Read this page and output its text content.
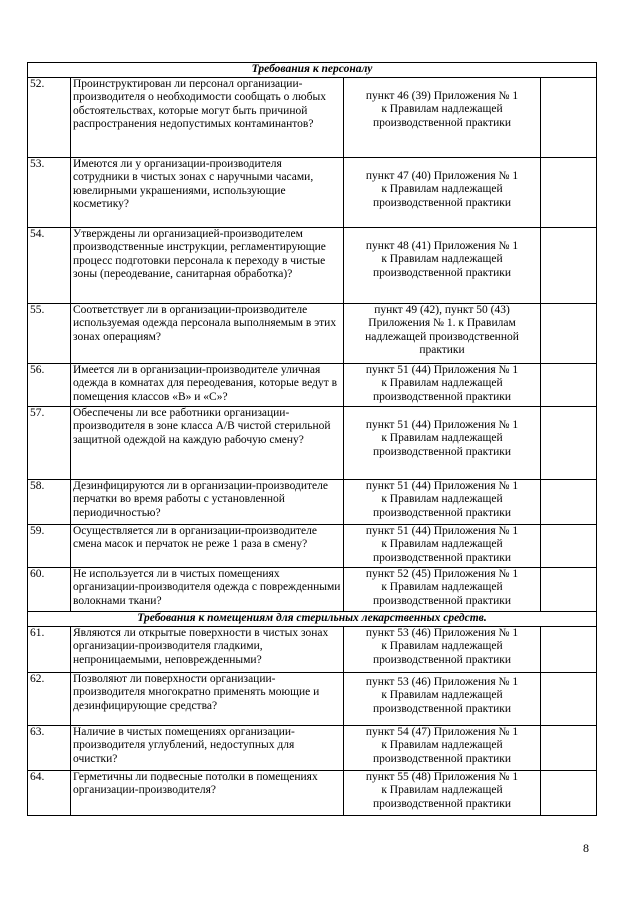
Требования к персоналу			
52.	Проинструктирован ли персонал организации-производителя о необходимости сообщать о любых обстоятельствах, которые могут быть причиной распространения недопустимых контаминантов?	пункт 46 (39) Приложения № 1
к Правилам надлежащей
производственной практики	

53.	Имеются ли у организации-производителя сотрудники в чистых зонах с наручными часами, ювелирными украшениями, использующие косметику?	пункт 47 (40) Приложения № 1
к Правилам надлежащей
производственной практики	

54.	Утверждены ли организацией-производителем производственные инструкции, регламентирующие процесс подготовки персонала к переходу в чистые зоны (переодевание, санитарная обработка)?	пункт 48 (41) Приложения № 1
к Правилам надлежащей
производственной практики	

55.	Соответствует ли в организации-производителе используемая одежда персонала выполняемым в этих зонах операциям?	пункт 49 (42), пункт 50 (43)
Приложения № 1. к Правилам
надлежащей производственной
практики	

56.	Имеется ли в организации-производителе уличная одежда в комнатах для переодевания, которые ведут в помещения классов «В» и «С»?	пункт 51 (44) Приложения № 1
к Правилам надлежащей
производственной практики	

57.	Обеспечены ли все работники организации-производителя в зоне класса А/В чистой стерильной защитной одеждой на каждую рабочую смену?	пункт 51 (44) Приложения № 1
к Правилам надлежащей
производственной практики	

58.	Дезинфицируются ли в организации-производителе перчатки во время работы с установленной периодичностью?	пункт 51 (44) Приложения № 1
к Правилам надлежащей
производственной практики	

59.	Осуществляется ли в организации-производителе смена масок и перчаток не реже 1 раза в смену?	пункт 51 (44) Приложения № 1
к Правилам надлежащей
производственной практики	

60.	Не используется ли в чистых помещениях организации-производителя одежда с поврежденными волокнами ткани?	пункт 52 (45) Приложения № 1
к Правилам надлежащей
производственной практики	

Требования к помещениям для стерильных лекарственных средств.			
61.	Являются ли открытые поверхности в чистых зонах организации-производителя гладкими, непроницаемыми, неповрежденными?	пункт 53 (46) Приложения № 1
к Правилам надлежащей
производственной практики	

62.	Позволяют ли поверхности организации-производителя многократно применять моющие и дезинфицирующие средства?	пункт 53 (46) Приложения № 1
к Правилам надлежащей
производственной практики	

63.	Наличие в чистых помещениях организации-производителя углублений, недоступных для очистки?	пункт 54 (47) Приложения № 1
к Правилам надлежащей
производственной практики	

64.	Герметичны ли подвесные потолки в помещениях организации-производителя?	пункт 55 (48) Приложения № 1
к Правилам надлежащей
производственной практики	

8
